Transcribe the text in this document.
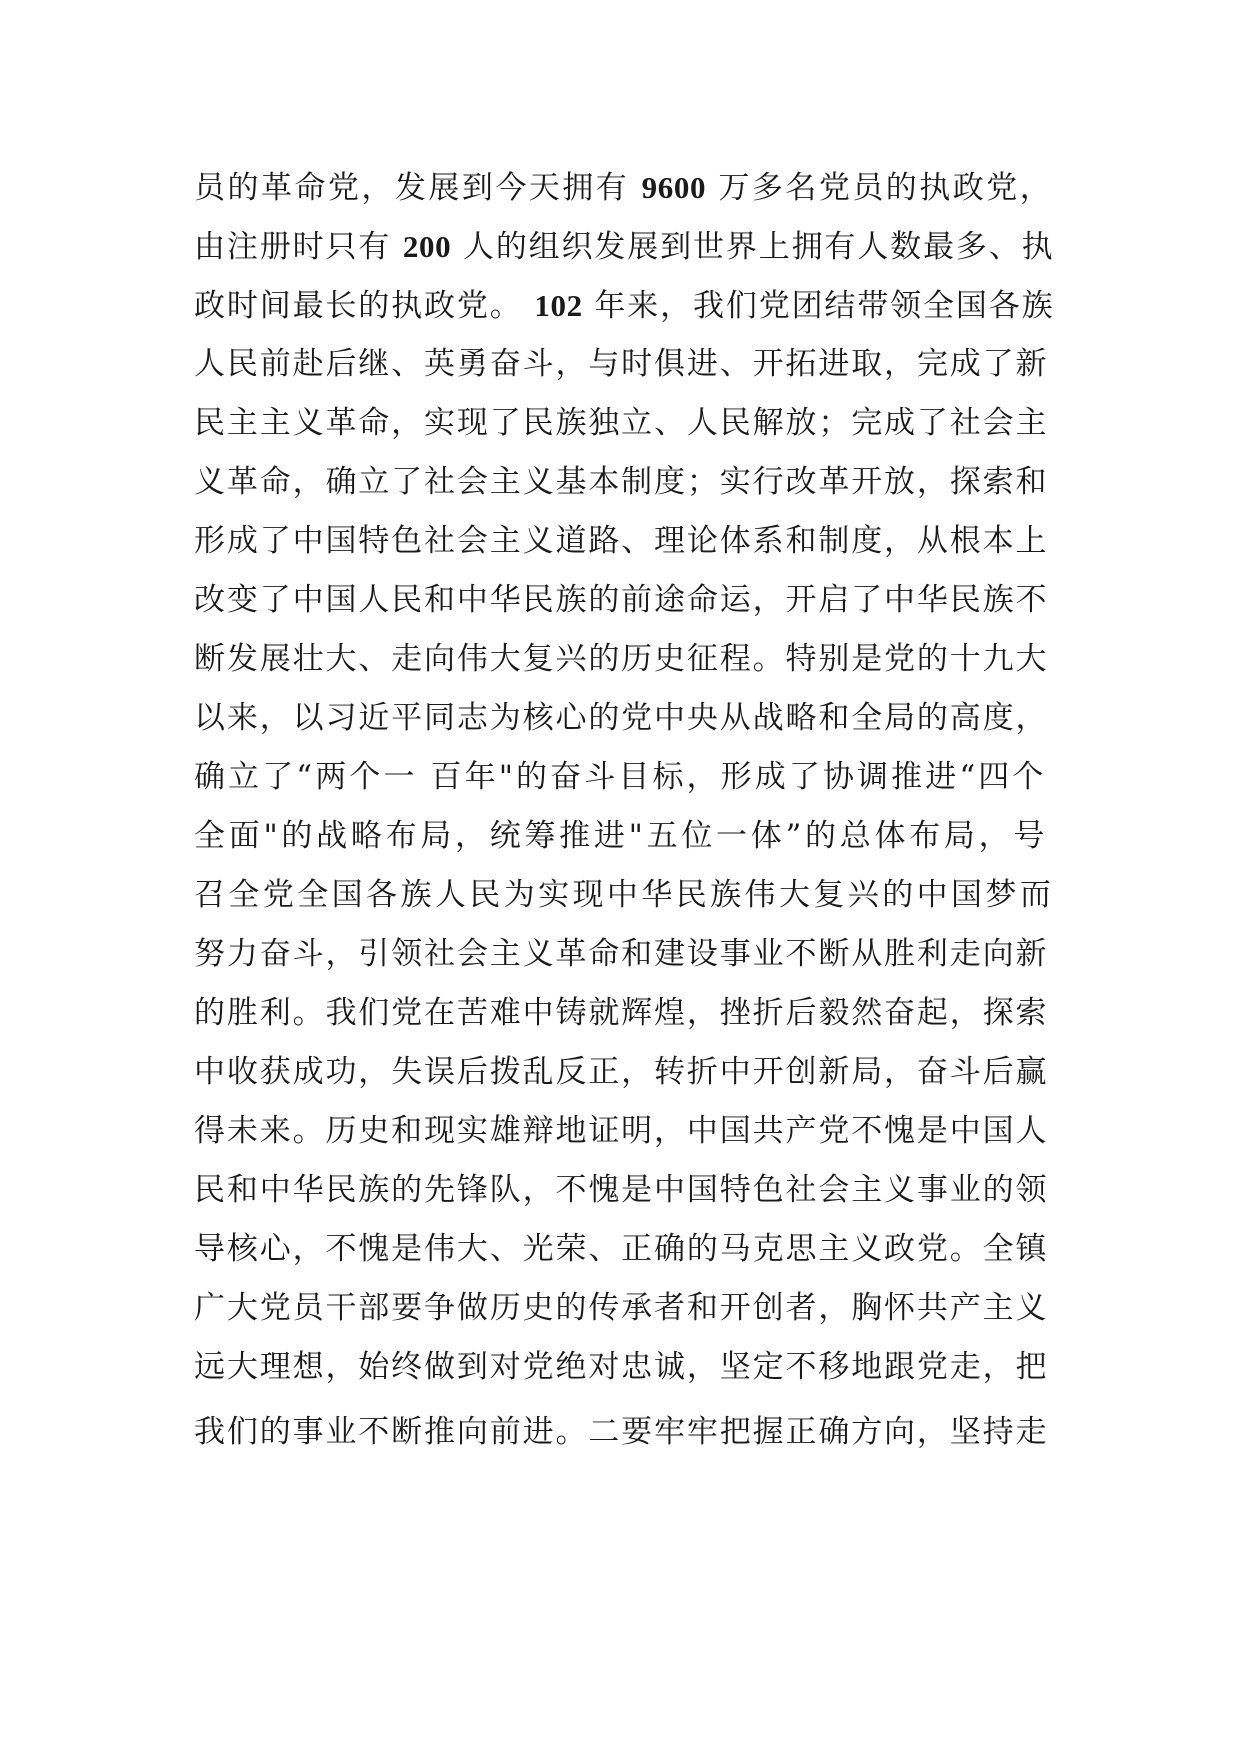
员的革命党，发展到今天拥有 9600 万多名党员的执政党，
由注册时只有 200 人的组织发展到世界上拥有人数最多、执
政时间最长的执政党。 102 年来，我们党团结带领全国各族
人民前赴后继、英勇奋斗，与时俱进、开拓进取，完成了新
民主主义革命，实现了民族独立、人民解放；完成了社会主
义革命，确立了社会主义基本制度；实行改革开放，探索和
形成了中国特色社会主义道路、理论体系和制度，从根本上
改变了中国人民和中华民族的前途命运，开启了中华民族不
断发展壮大、走向伟大复兴的历史征程。特别是党的十九大
以来，以习近平同志为核心的党中央从战略和全局的高度，
确立了“两个一 百年"的奋斗目标，形成了协调推进“四个
全面"的战略布局，统筹推进"五位一体”的总体布局，号
召全党全国各族人民为实现中华民族伟大复兴的中国梦而
努力奋斗，引领社会主义革命和建设事业不断从胜利走向新
的胜利。我们党在苦难中铸就辉煌，挫折后毅然奋起，探索
中收获成功，失误后拨乱反正，转折中开创新局，奋斗后赢
得未来。历史和现实雄辩地证明，中国共产党不愧是中国人
民和中华民族的先锋队，不愧是中国特色社会主义事业的领
导核心，不愧是伟大、光荣、正确的马克思主义政党。全镇
广大党员干部要争做历史的传承者和开创者，胸怀共产主义
远大理想，始终做到对党绝对忠诚，坚定不移地跟党走，把
我们的事业不断推向前进。二要牢牢把握正确方向，坚持走
